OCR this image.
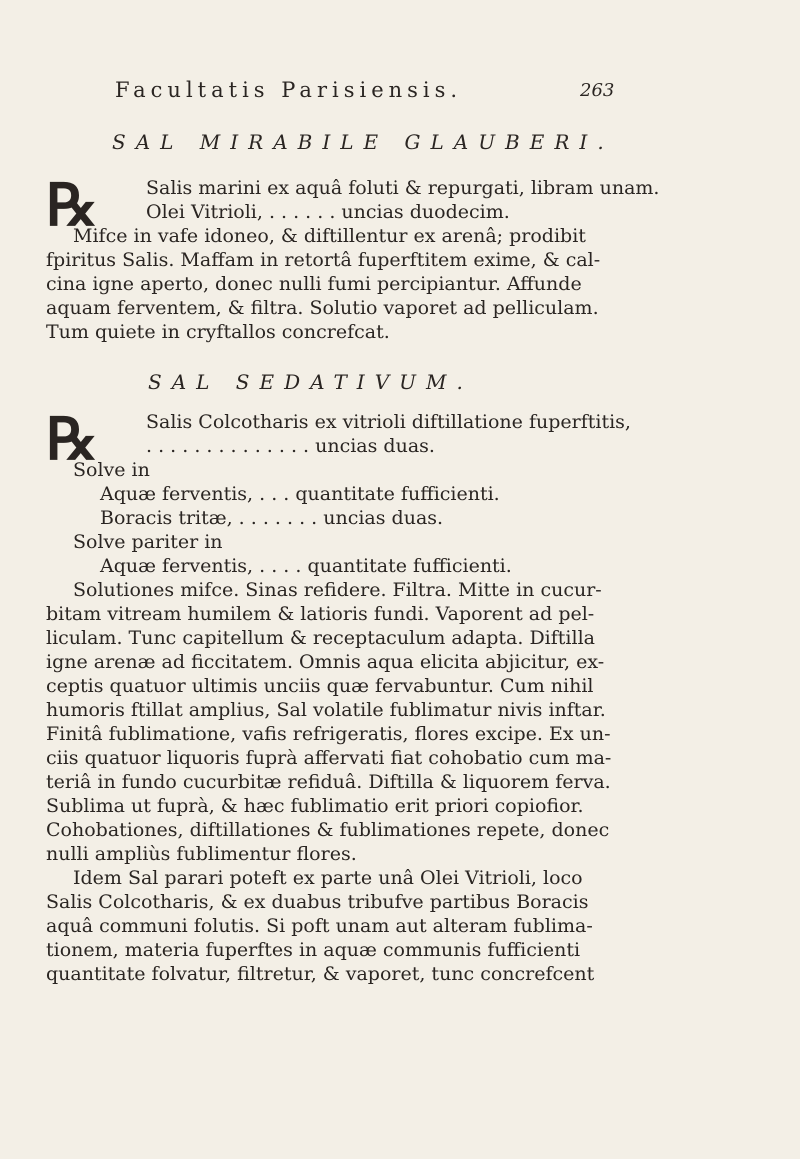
Facultatis Parisiensis.	263
SAL MIRABILE GLAUBERI.
℞	Salis marini ex aquâ foluti & repurgati, libram unam.
Olei Vitrioli, . . . . . . uncias duodecim.
Mifce in vafe idoneo, & diftillentur ex arenâ; prodibit
fpiritus Salis. Maffam in retortâ fuperftitem exime, & cal-
cina igne aperto, donec nulli fumi percipiantur. Affunde
aquam ferventem, & filtra. Solutio vaporet ad pelliculam.
Tum quiete in cryftallos concrefcat.
SAL SEDATIVUM.
℞	Salis Colcotharis ex vitrioli diftillatione fuperftitis,
. . . . . . . . . . . . . . uncias duas.
Solve in
Aquæ ferventis, . . . quantitate fufficienti.
Boracis tritæ, . . . . . . . uncias duas.
Solve pariter in
Aquæ ferventis, . . . . quantitate fufficienti.
Solutiones mifce. Sinas refidere. Filtra. Mitte in cucur-
bitam vitream humilem & latioris fundi. Vaporent ad pel-
liculam. Tunc capitellum & receptaculum adapta. Diftilla
igne arenæ ad ficcitatem. Omnis aqua elicita abjicitur, ex-
ceptis quatuor ultimis unciis quæ fervabuntur. Cum nihil
humoris ftillat amplius, Sal volatile fublimatur nivis inftar.
Finitâ fublimatione, vafis refrigeratis, flores excipe. Ex un-
ciis quatuor liquoris fuprà affervati fiat cohobatio cum ma-
teriâ in fundo cucurbitæ refiduâ. Diftilla & liquorem ferva.
Sublima ut fuprà, & hæc fublimatio erit priori copiofior.
Cohobationes, diftillationes & fublimationes repete, donec
nulli ampliùs fublimentur flores.
Idem Sal parari poteft ex parte unâ Olei Vitrioli, loco
Salis Colcotharis, & ex duabus tribufve partibus Boracis
aquâ communi folutis. Si poft unam aut alteram fublima-
tionem, materia fuperftes in aquæ communis fufficienti
quantitate folvatur, filtretur, & vaporet, tunc concrefcent
